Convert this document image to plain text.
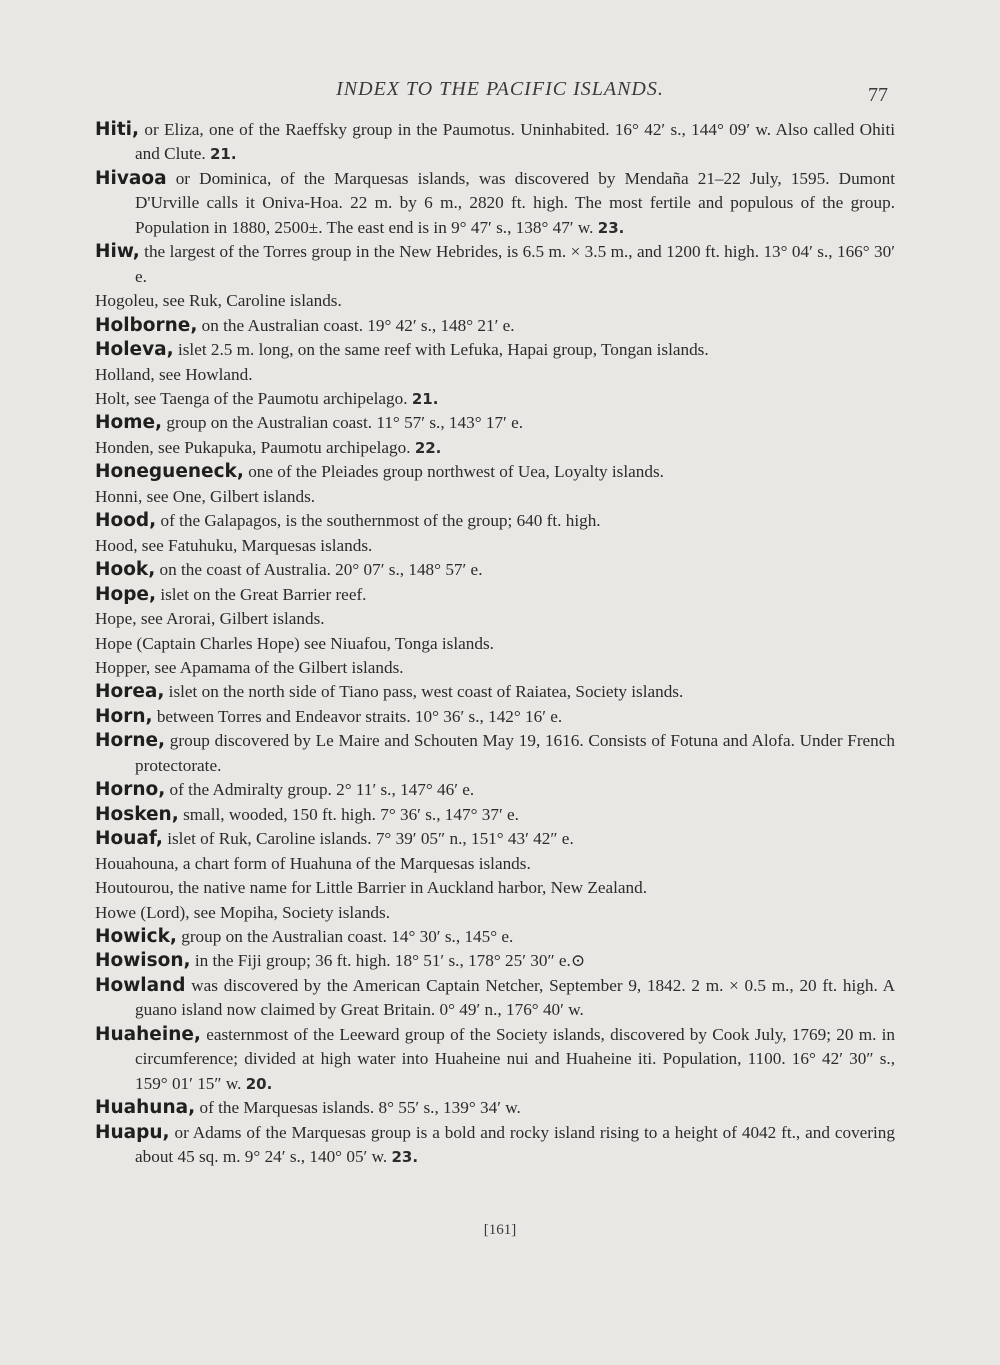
INDEX TO THE PACIFIC ISLANDS.	77

Hiti, or Eliza, one of the Raeffsky group in the Paumotus. Uninhabited. 16° 42′ s., 144° 09′ w. Also called Ohiti and Clute. 21.

Hivaoa or Dominica, of the Marquesas islands, was discovered by Mendaña 21–22 July, 1595. Dumont D'Urville calls it Oniva-Hoa. 22 m. by 6 m., 2820 ft. high. The most fertile and populous of the group. Population in 1880, 2500±. The east end is in 9° 47′ s., 138° 47′ w. 23.

Hiw, the largest of the Torres group in the New Hebrides, is 6.5 m. × 3.5 m., and 1200 ft. high. 13° 04′ s., 166° 30′ e.

Hogoleu, see Ruk, Caroline islands.

Holborne, on the Australian coast. 19° 42′ s., 148° 21′ e.

Holeva, islet 2.5 m. long, on the same reef with Lefuka, Hapai group, Tongan islands.

Holland, see Howland.

Holt, see Taenga of the Paumotu archipelago. 21.

Home, group on the Australian coast. 11° 57′ s., 143° 17′ e.

Honden, see Pukapuka, Paumotu archipelago. 22.

Honegueneck, one of the Pleiades group northwest of Uea, Loyalty islands.

Honni, see One, Gilbert islands.

Hood, of the Galapagos, is the southernmost of the group; 640 ft. high.

Hood, see Fatuhuku, Marquesas islands.

Hook, on the coast of Australia. 20° 07′ s., 148° 57′ e.

Hope, islet on the Great Barrier reef.

Hope, see Arorai, Gilbert islands.

Hope (Captain Charles Hope) see Niuafou, Tonga islands.

Hopper, see Apamama of the Gilbert islands.

Horea, islet on the north side of Tiano pass, west coast of Raiatea, Society islands.

Horn, between Torres and Endeavor straits. 10° 36′ s., 142° 16′ e.

Horne, group discovered by Le Maire and Schouten May 19, 1616. Consists of Fotuna and Alofa. Under French protectorate.

Horno, of the Admiralty group. 2° 11′ s., 147° 46′ e.

Hosken, small, wooded, 150 ft. high. 7° 36′ s., 147° 37′ e.

Houaf, islet of Ruk, Caroline islands. 7° 39′ 05″ n., 151° 43′ 42″ e.

Houahouna, a chart form of Huahuna of the Marquesas islands.

Houtourou, the native name for Little Barrier in Auckland harbor, New Zealand.

Howe (Lord), see Mopiha, Society islands.

Howick, group on the Australian coast. 14° 30′ s., 145° e.

Howison, in the Fiji group; 36 ft. high. 18° 51′ s., 178° 25′ 30″ e.⊙

Howland was discovered by the American Captain Netcher, September 9, 1842. 2 m. × 0.5 m., 20 ft. high. A guano island now claimed by Great Britain. 0° 49′ n., 176° 40′ w.

Huaheine, easternmost of the Leeward group of the Society islands, discovered by Cook July, 1769; 20 m. in circumference; divided at high water into Huaheine nui and Huaheine iti. Population, 1100. 16° 42′ 30″ s., 159° 01′ 15″ w. 20.

Huahuna, of the Marquesas islands. 8° 55′ s., 139° 34′ w.

Huapu, or Adams of the Marquesas group is a bold and rocky island rising to a height of 4042 ft., and covering about 45 sq. m. 9° 24′ s., 140° 05′ w. 23.

[161]
